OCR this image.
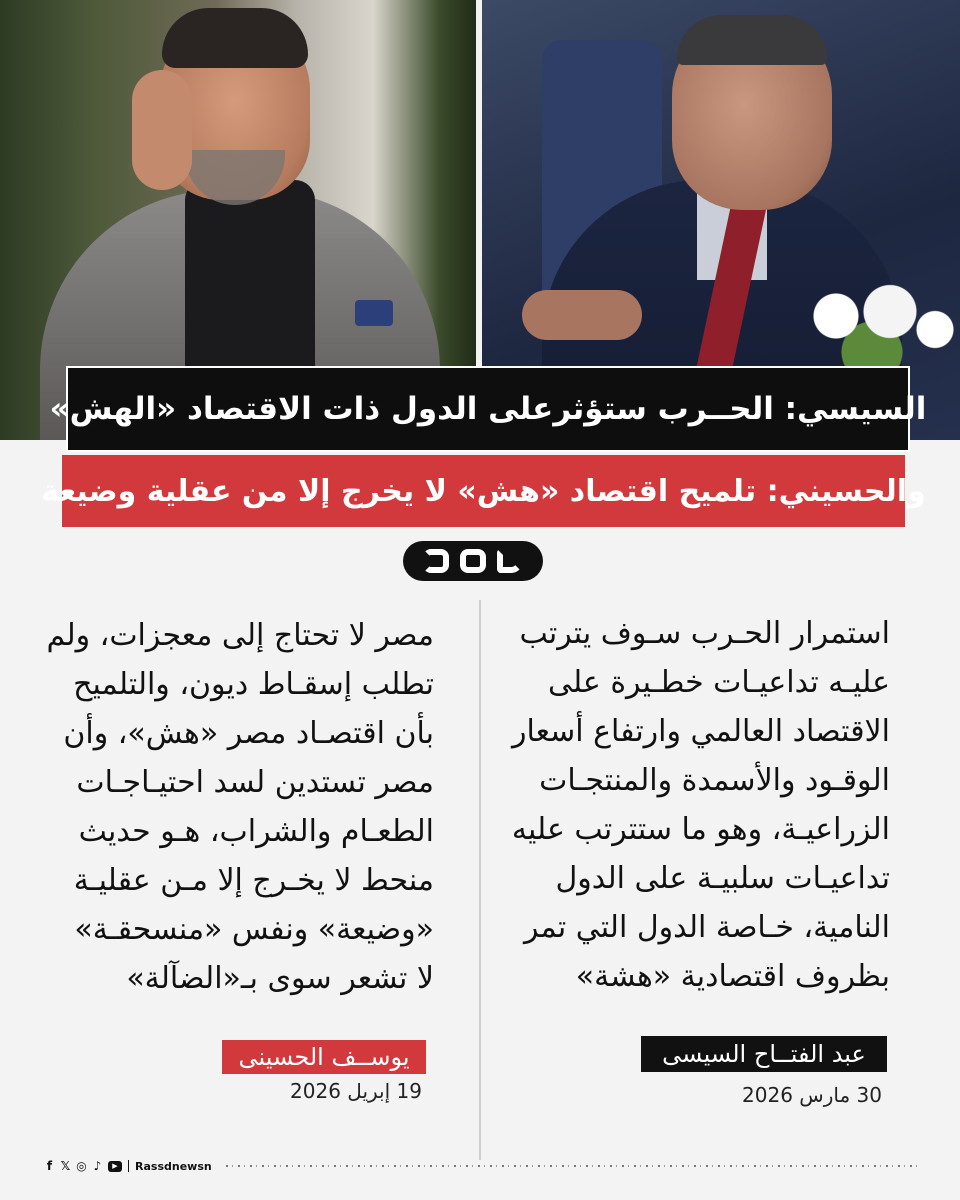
السيسي: الحــرب ستؤثرعلى الدول ذات الاقتصاد «الهش»
والحسيني: تلميح اقتصاد «هش» لا يخرج إلا من عقلية وضيعة

استمرار الحـرب سـوف يترتب

عليـه تداعيـات خطـيرة على

الاقتصاد العالمي وارتفاع أسعار

الوقـود والأسمدة والمنتجـات

الزراعيـة، وهو ما ستترتب عليه

تداعيـات سلبيـة على الدول

النامية، خـاصة الدول التي تمر

بظروف اقتصادية «هشة»

مصر لا تحتاج إلى معجزات، ولم

تطلب إسقـاط ديون، والتلميح

بأن اقتصـاد مصر «هش»، وأن

مصر تستدين لسد احتيـاجـات

الطعـام والشراب، هـو حديث

منحط لا يخـرج إلا مـن عقليـة

«وضيعة» ونفس «منسحقـة»

لا تشعر سوى بـ«الضآلة»

عبد الفتــاح السيسى
30 مارس 2026
يوســف الحسينى
19 إبريل 2026
f 𝕏 ◎ ♪	▶	Rassdnewsn
